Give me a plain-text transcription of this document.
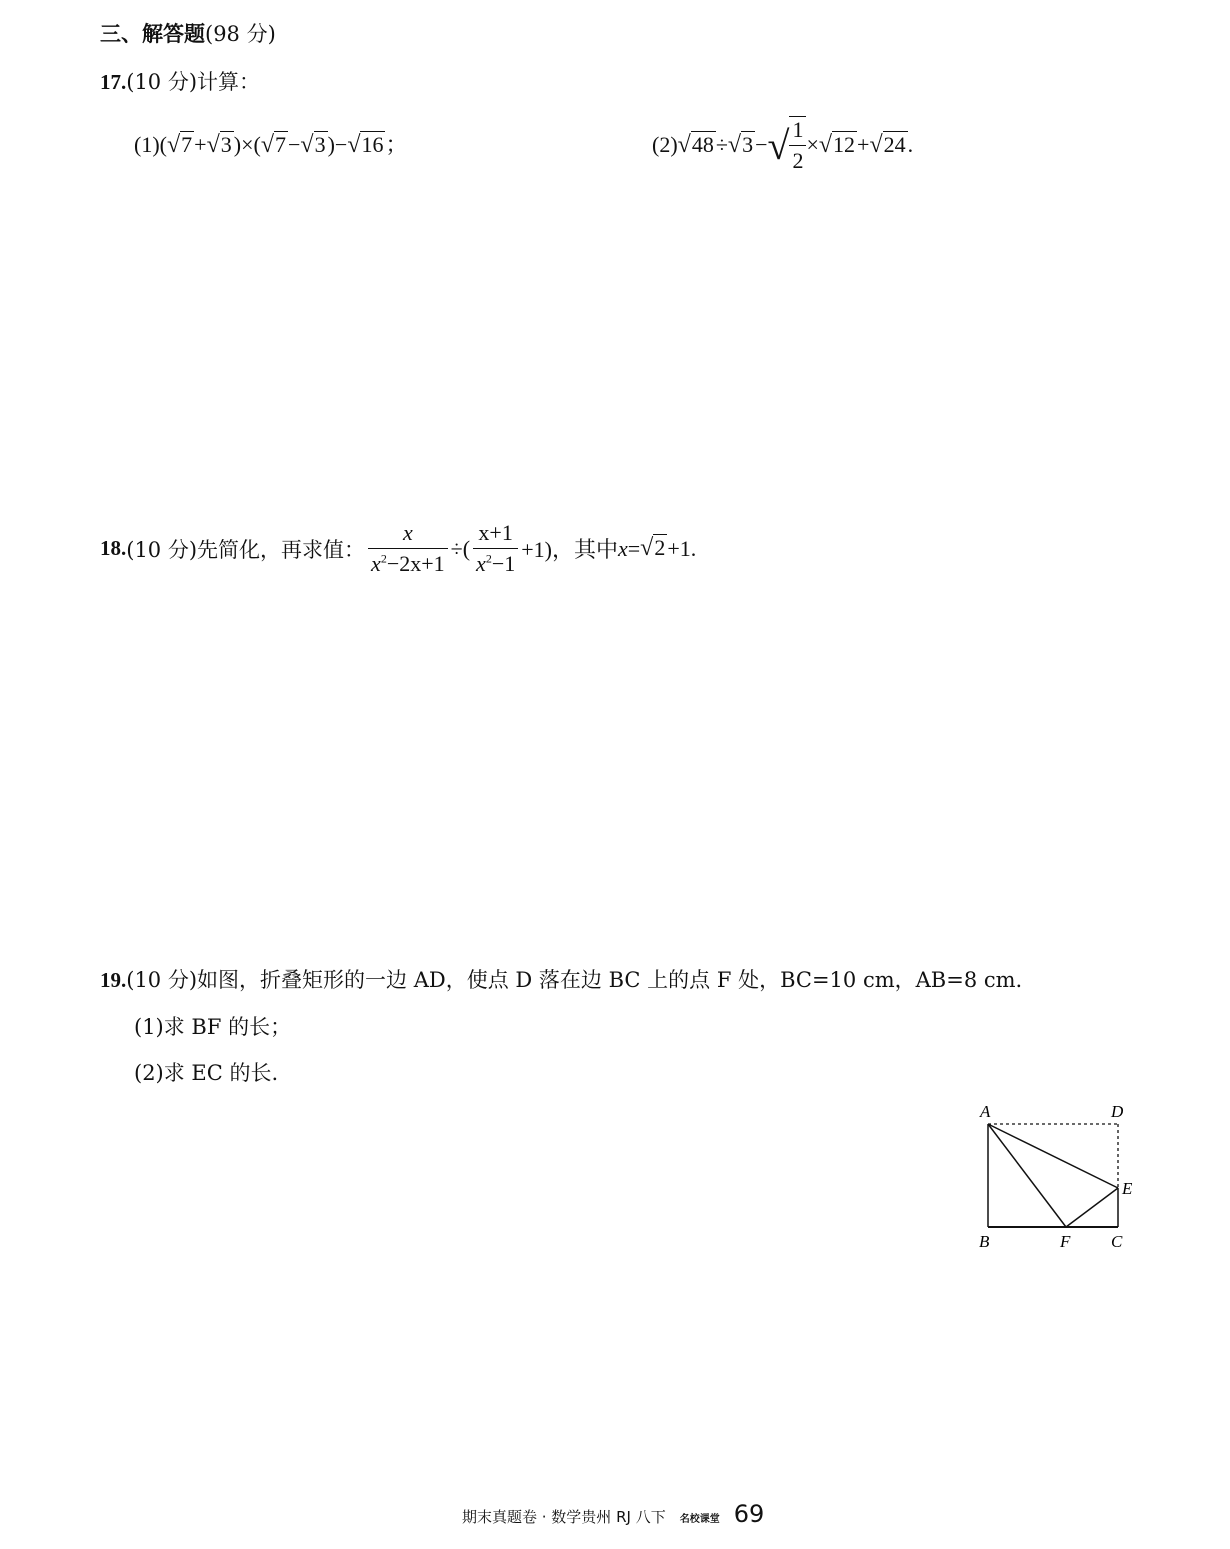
三、解答题(98 分)
17.(10 分)计算：
(1)(√7+√3)×(√7−√3)−√16；	(2) √48 ÷ √3 − √ $\frac{1}{2} \times √12 + √24$ .
18. (10 分) 先简化，再求值： $\frac{x}{x^2-2x+1}$ ÷( $\frac{x+1}{x^2-1} +1$)，其中 x = √2 +1.
19.(10 分)如图，折叠矩形的一边 AD，使点 D 落在边 BC 上的点 F 处，BC=10 cm，AB=8 cm.
(1)求 BF 的长；
(2)求 EC 的长.
A	D
E
B	F C
期末真题卷 · 数学贵州 RJ 八下 名校课堂 69
